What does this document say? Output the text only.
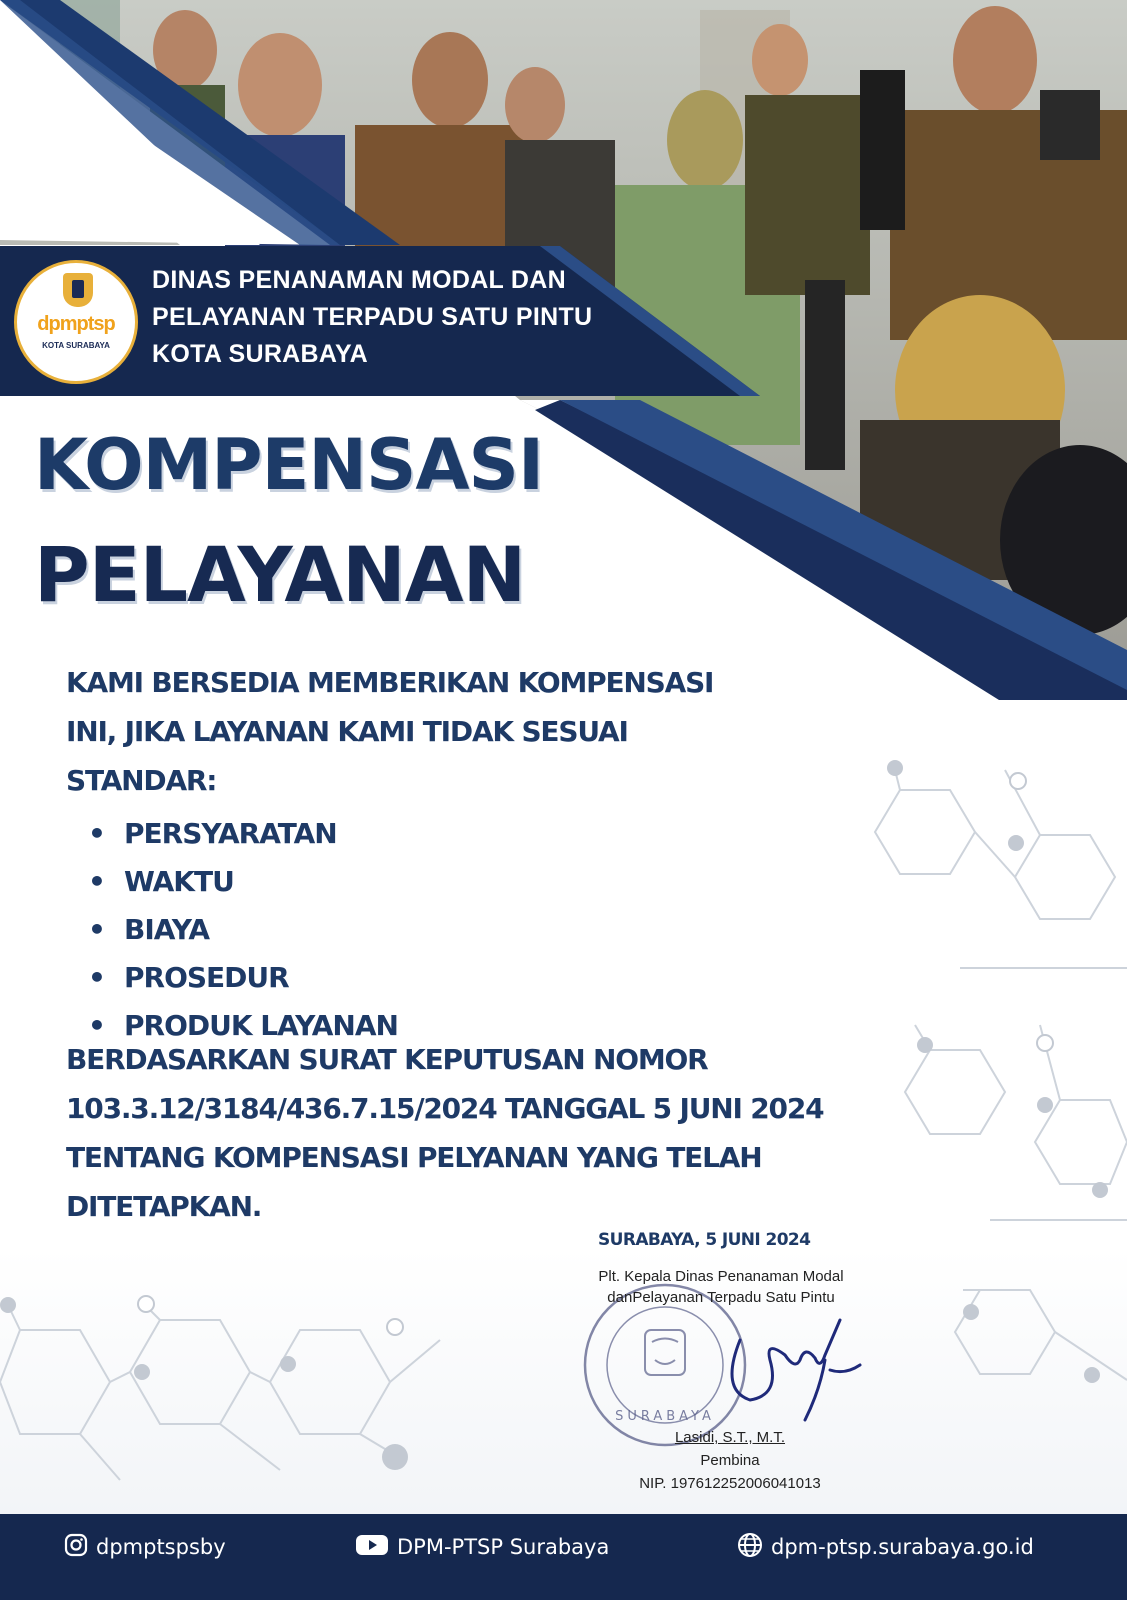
dpmptsp
KOTA SURABAYA
DINAS PENANAMAN MODAL DAN
PELAYANAN TERPADU SATU PINTU
KOTA SURABAYA
KOMPENSASI
PELAYANAN
KAMI BERSEDIA MEMBERIKAN KOMPENSASI
INI, JIKA LAYANAN KAMI TIDAK SESUAI
STANDAR:
• PERSYARATAN
• WAKTU
• BIAYA
• PROSEDUR
• PRODUK LAYANAN
BERDASARKAN SURAT KEPUTUSAN NOMOR
103.3.12/3184/436.7.15/2024 TANGGAL 5 JUNI 2024
TENTANG KOMPENSASI PELYANAN YANG TELAH
DITETAPKAN.
SURABAYA, 5 JUNI 2024
SURABAYA
Plt. Kepala Dinas Penanaman Modal
danPelayanan Terpadu Satu Pintu
Lasidi, S.T., M.T.
Pembina
NIP. 197612252006041013
dpmptspsby	DPM-PTSP Surabaya	dpm-ptsp.surabaya.go.id
